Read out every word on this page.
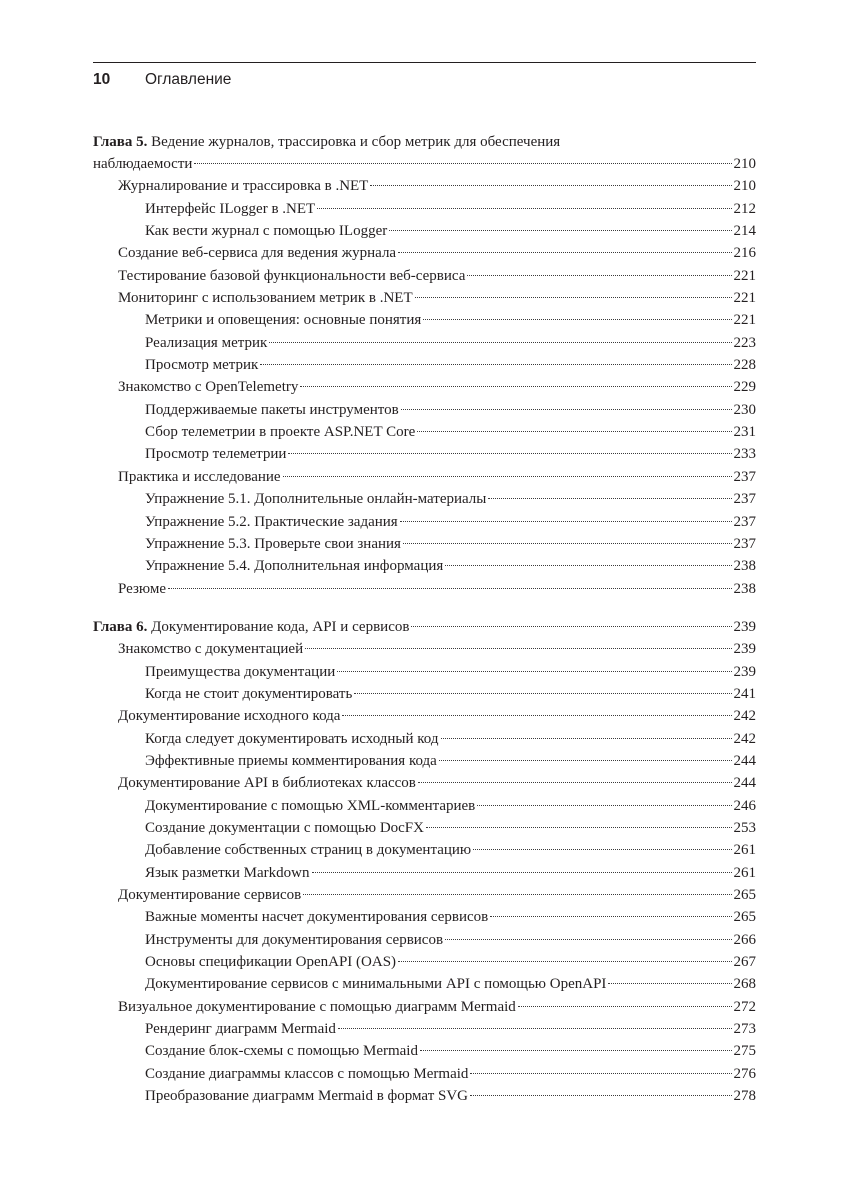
10 Оглавление
Глава 5. Ведение журналов, трассировка и сбор метрик для обеспечения
наблюдаемости	210
Журналирование и трассировка в .NET	210
Интерфейс ILogger в .NET	212
Как вести журнал с помощью ILogger	214
Создание веб-сервиса для ведения журнала	216
Тестирование базовой функциональности веб-сервиса	221
Мониторинг с использованием метрик в .NET	221
Метрики и оповещения: основные понятия	221
Реализация метрик	223
Просмотр метрик	228
Знакомство с OpenTelemetry	229
Поддерживаемые пакеты инструментов	230
Сбор телеметрии в проекте ASP.NET Core	231
Просмотр телеметрии	233
Практика и исследование	237
Упражнение 5.1. Дополнительные онлайн-материалы	237
Упражнение 5.2. Практические задания	237
Упражнение 5.3. Проверьте свои знания	237
Упражнение 5.4. Дополнительная информация	238
Резюме	238
Глава 6. Документирование кода, API и сервисов	239
Знакомство с документацией	239
Преимущества документации	239
Когда не стоит документировать	241
Документирование исходного кода	242
Когда следует документировать исходный код	242
Эффективные приемы комментирования кода	244
Документирование API в библиотеках классов	244
Документирование с помощью XML-комментариев	246
Создание документации с помощью DocFX	253
Добавление собственных страниц в документацию	261
Язык разметки Markdown	261
Документирование сервисов	265
Важные моменты насчет документирования сервисов	265
Инструменты для документирования сервисов	266
Основы спецификации OpenAPI (OAS)	267
Документирование сервисов с минимальными API с помощью OpenAPI	268
Визуальное документирование с помощью диаграмм Mermaid	272
Рендеринг диаграмм Mermaid	273
Создание блок-схемы с помощью Mermaid	275
Создание диаграммы классов с помощью Mermaid	276
Преобразование диаграмм Mermaid в формат SVG	278
